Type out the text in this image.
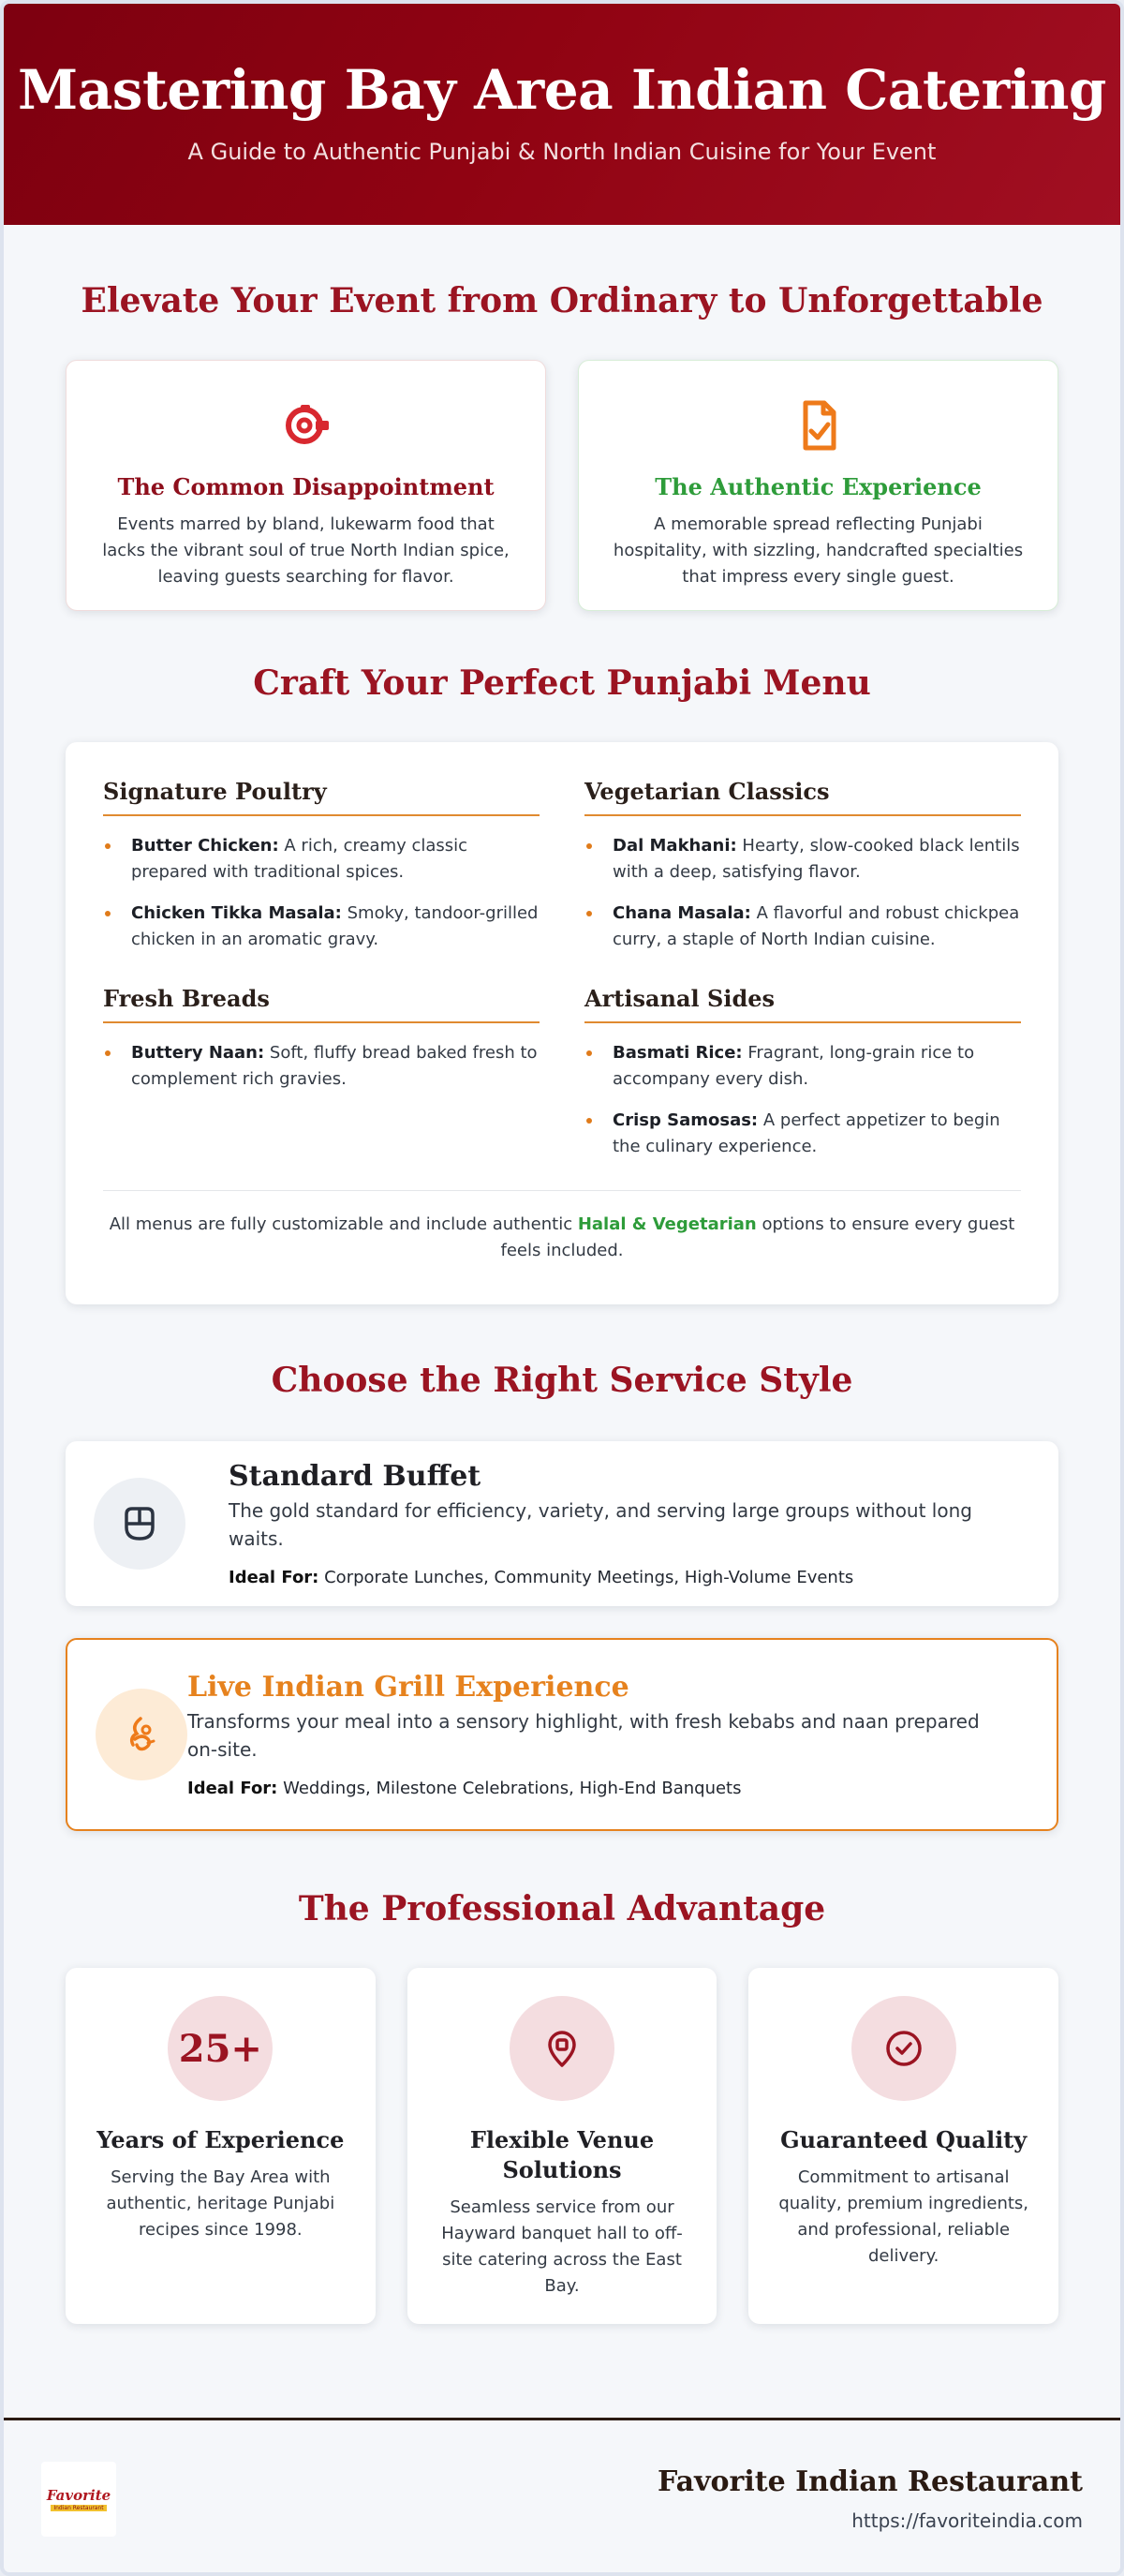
Mastering Bay Area Indian Catering

A Guide to Authentic Punjabi & North Indian Cuisine for Your Event

Elevate Your Event from Ordinary to Unforgettable
The Common Disappointment

Events marred by bland, lukewarm food that lacks the vibrant soul of true North Indian spice, leaving guests searching for flavor.

The Authentic Experience

A memorable spread reflecting Punjabi hospitality, with sizzling, handcrafted specialties that impress every single guest.

Craft Your Perfect Punjabi Menu
Signature Poultry
Butter Chicken: A rich, creamy classic prepared with traditional spices.
Chicken Tikka Masala: Smoky, tandoor-grilled chicken in an aromatic gravy.
Vegetarian Classics
Dal Makhani: Hearty, slow-cooked black lentils with a deep, satisfying flavor.
Chana Masala: A flavorful and robust chickpea curry, a staple of North Indian cuisine.
Fresh Breads
Buttery Naan: Soft, fluffy bread baked fresh to complement rich gravies.
Artisanal Sides
Basmati Rice: Fragrant, long-grain rice to accompany every dish.
Crisp Samosas: A perfect appetizer to begin the culinary experience.

All menus are fully customizable and include authentic Halal & Vegetarian options to ensure every guest feels included.

Choose the Right Service Style
Standard Buffet

The gold standard for efficiency, variety, and serving large groups without long waits.

Ideal For: Corporate Lunches, Community Meetings, High-Volume Events

Live Indian Grill Experience

Transforms your meal into a sensory highlight, with fresh kebabs and naan prepared on-site.

Ideal For: Weddings, Milestone Celebrations, High-End Banquets

The Professional Advantage
25+
Years of Experience

Serving the Bay Area with authentic, heritage Punjabi recipes since 1998.

Flexible Venue Solutions

Seamless service from our Hayward banquet hall to off-site catering across the East Bay.

Guaranteed Quality

Commitment to artisanal quality, premium ingredients, and professional, reliable delivery.

Favorite
Indian Restaurant
Favorite Indian Restaurant
https://favoriteindia.com
